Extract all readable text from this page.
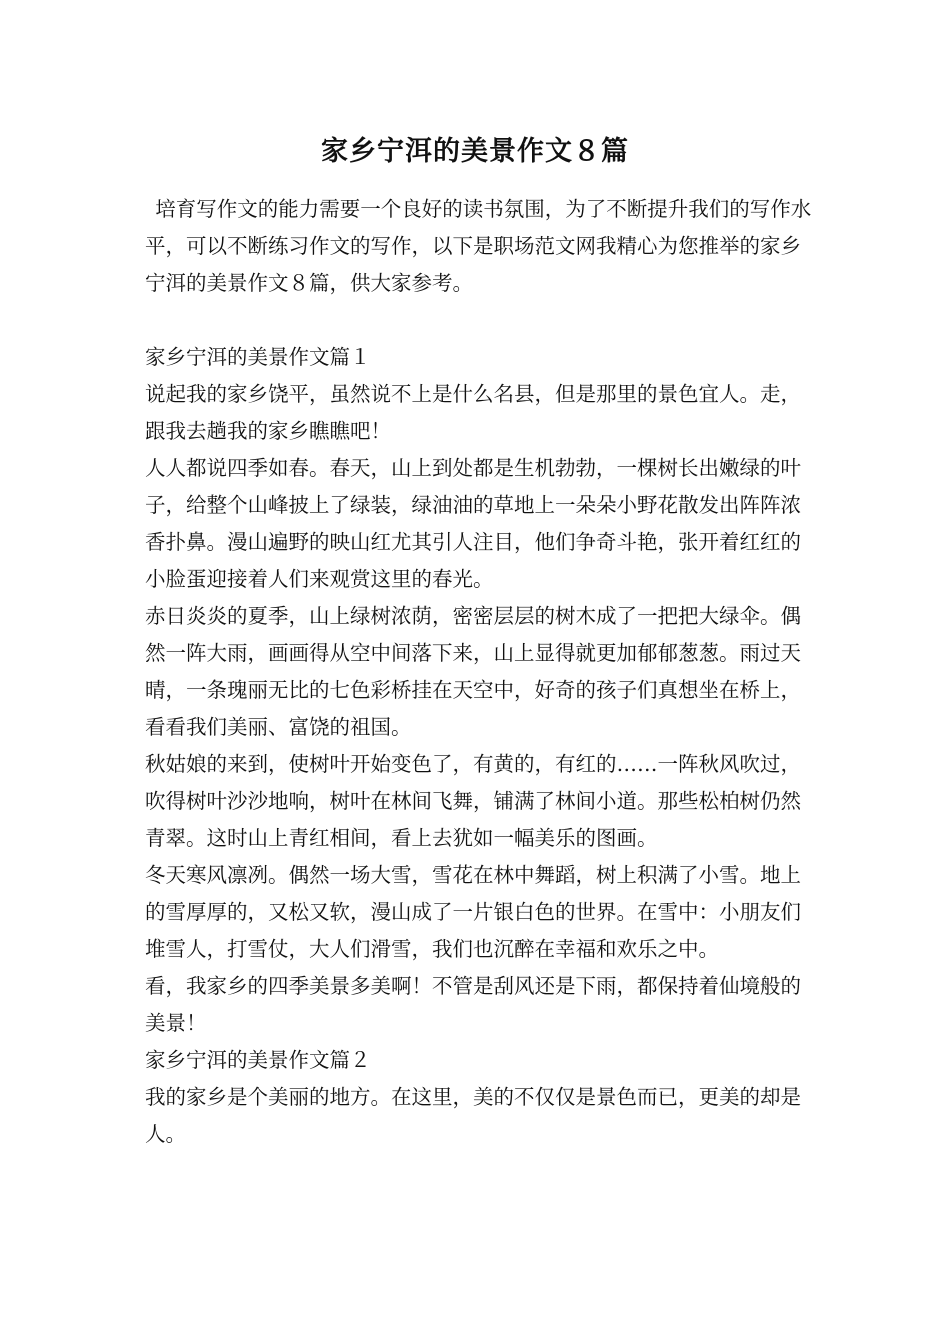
家乡宁洱的美景作文８篇

培育写作文的能力需要一个良好的读书氛围，为了不断提升我们的写作水平，可以不断练习作文的写作，以下是职场范文网我精心为您推举的家乡宁洱的美景作文８篇，供大家参考。

家乡宁洱的美景作文篇１

说起我的家乡饶平，虽然说不上是什么名县，但是那里的景色宜人。走，跟我去趟我的家乡瞧瞧吧！

人人都说四季如春。春天，山上到处都是生机勃勃，一棵树长出嫩绿的叶子，给整个山峰披上了绿装，绿油油的草地上一朵朵小野花散发出阵阵浓香扑鼻。漫山遍野的映山红尤其引人注目，他们争奇斗艳，张开着红红的小脸蛋迎接着人们来观赏这里的春光。

赤日炎炎的夏季，山上绿树浓荫，密密层层的树木成了一把把大绿伞。偶然一阵大雨，画画得从空中间落下来，山上显得就更加郁郁葱葱。雨过天晴，一条瑰丽无比的七色彩桥挂在天空中，好奇的孩子们真想坐在桥上，看看我们美丽、富饶的祖国。

秋姑娘的来到，使树叶开始变色了，有黄的，有红的……一阵秋风吹过，吹得树叶沙沙地响，树叶在林间飞舞，铺满了林间小道。那些松柏树仍然青翠。这时山上青红相间，看上去犹如一幅美乐的图画。

冬天寒风凛冽。偶然一场大雪，雪花在林中舞蹈，树上积满了小雪。地上的雪厚厚的，又松又软，漫山成了一片银白色的世界。在雪中：小朋友们堆雪人，打雪仗，大人们滑雪，我们也沉醉在幸福和欢乐之中。

看，我家乡的四季美景多美啊！不管是刮风还是下雨，都保持着仙境般的美景！

家乡宁洱的美景作文篇２

我的家乡是个美丽的地方。在这里，美的不仅仅是景色而已，更美的却是人。
